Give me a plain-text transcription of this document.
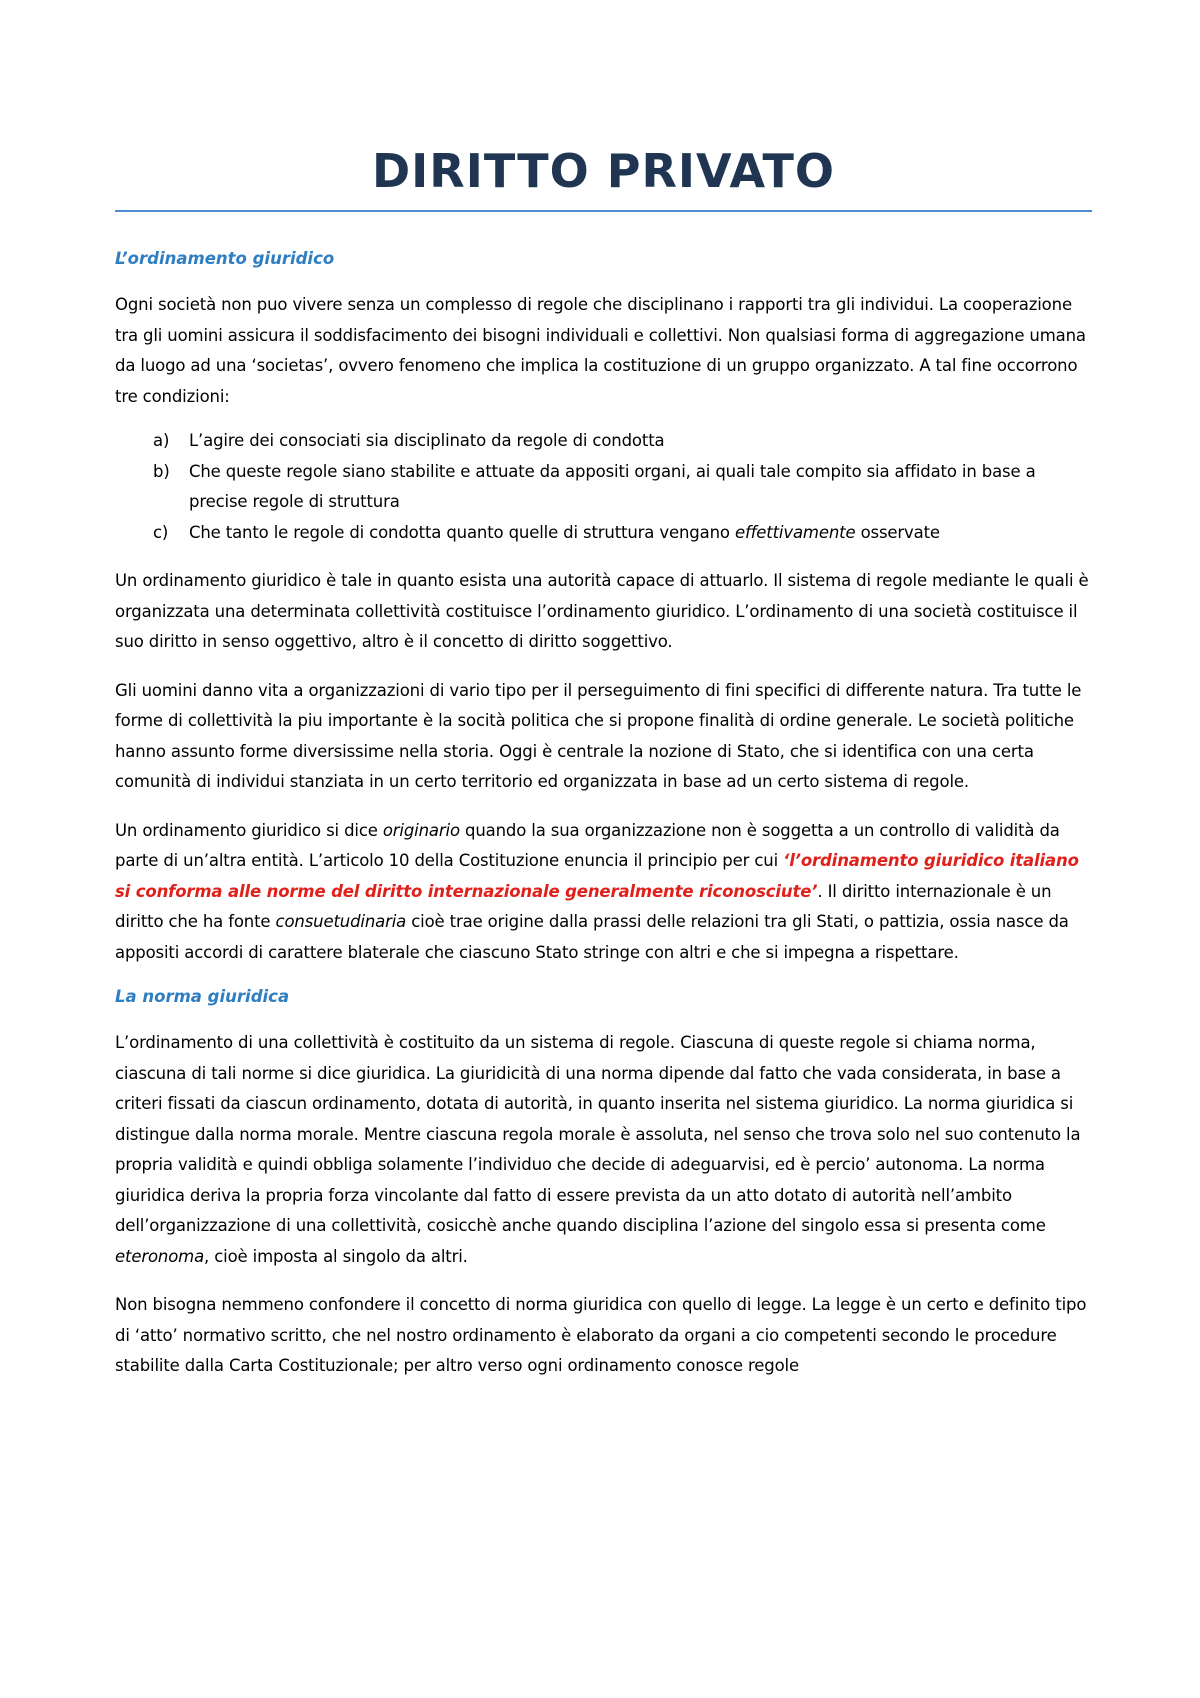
DIRITTO PRIVATO
L’ordinamento giuridico

Ogni società non puo vivere senza un complesso di regole che disciplinano i rapporti tra gli individui. La cooperazione tra gli uomini assicura il soddisfacimento dei bisogni individuali e collettivi. Non qualsiasi forma di aggregazione umana da luogo ad una ‘societas’, ovvero fenomeno che implica la costituzione di un gruppo organizzato. A tal fine occorrono tre condizioni:

a) L’agire dei consociati sia disciplinato da regole di condotta
b) Che queste regole siano stabilite e attuate da appositi organi, ai quali tale compito sia affidato in base a precise regole di struttura
c) Che tanto le regole di condotta quanto quelle di struttura vengano effettivamente osservate

Un ordinamento giuridico è tale in quanto esista una autorità capace di attuarlo. Il sistema di regole mediante le quali è organizzata una determinata collettività costituisce l’ordinamento giuridico. L’ordinamento di una società costituisce il suo diritto in senso oggettivo, altro è il concetto di diritto soggettivo.

Gli uomini danno vita a organizzazioni di vario tipo per il perseguimento di fini specifici di differente natura. Tra tutte le forme di collettività la piu importante è la socità politica che si propone finalità di ordine generale. Le società politiche hanno assunto forme diversissime nella storia. Oggi è centrale la nozione di Stato, che si identifica con una certa comunità di individui stanziata in un certo territorio ed organizzata in base ad un certo sistema di regole.

Un ordinamento giuridico si dice originario quando la sua organizzazione non è soggetta a un controllo di validità da parte di un’altra entità. L’articolo 10 della Costituzione enuncia il principio per cui ‘l’ordinamento giuridico italiano si conforma alle norme del diritto internazionale generalmente riconosciute’. Il diritto internazionale è un diritto che ha fonte consuetudinaria cioè trae origine dalla prassi delle relazioni tra gli Stati, o pattizia, ossia nasce da appositi accordi di carattere blaterale che ciascuno Stato stringe con altri e che si impegna a rispettare.

La norma giuridica

L’ordinamento di una collettività è costituito da un sistema di regole. Ciascuna di queste regole si chiama norma, ciascuna di tali norme si dice giuridica. La giuridicità di una norma dipende dal fatto che vada considerata, in base a criteri fissati da ciascun ordinamento, dotata di autorità, in quanto inserita nel sistema giuridico. La norma giuridica si distingue dalla norma morale. Mentre ciascuna regola morale è assoluta, nel senso che trova solo nel suo contenuto la propria validità e quindi obbliga solamente l’individuo che decide di adeguarvisi, ed è percio’ autonoma. La norma giuridica deriva la propria forza vincolante dal fatto di essere prevista da un atto dotato di autorità nell’ambito dell’organizzazione di una collettività, cosicchè anche quando disciplina l’azione del singolo essa si presenta come eteronoma, cioè imposta al singolo da altri.

Non bisogna nemmeno confondere il concetto di norma giuridica con quello di legge. La legge è un certo e definito tipo di ‘atto’ normativo scritto, che nel nostro ordinamento è elaborato da organi a cio competenti secondo le procedure stabilite dalla Carta Costituzionale; per altro verso ogni ordinamento conosce regole
